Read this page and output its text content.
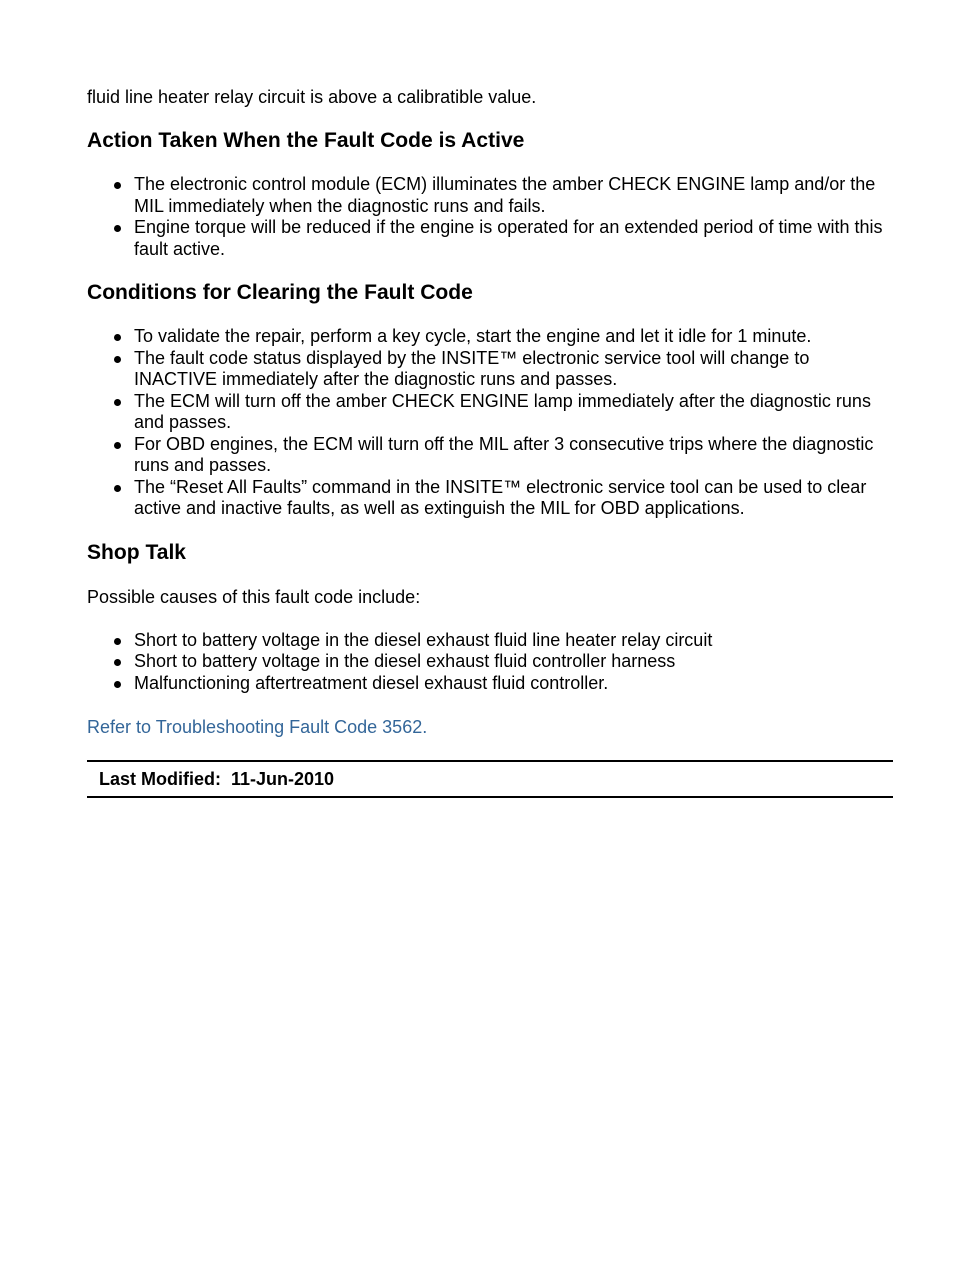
fluid line heater relay circuit is above a calibratible value.

Action Taken When the Fault Code is Active
The electronic control module (ECM) illuminates the amber CHECK ENGINE lamp and/or the MIL immediately when the diagnostic runs and fails.
Engine torque will be reduced if the engine is operated for an extended period of time with this fault active.
Conditions for Clearing the Fault Code
To validate the repair, perform a key cycle, start the engine and let it idle for 1 minute.
The fault code status displayed by the INSITE™ electronic service tool will change to INACTIVE immediately after the diagnostic runs and passes.
The ECM will turn off the amber CHECK ENGINE lamp immediately after the diagnostic runs and passes.
For OBD engines, the ECM will turn off the MIL after 3 consecutive trips where the diagnostic runs and passes.
The “Reset All Faults” command in the INSITE™ electronic service tool can be used to clear active and inactive faults, as well as extinguish the MIL for OBD applications.
Shop Talk

Possible causes of this fault code include:

Short to battery voltage in the diesel exhaust fluid line heater relay circuit
Short to battery voltage in the diesel exhaust fluid controller harness
Malfunctioning aftertreatment diesel exhaust fluid controller.
Refer to Troubleshooting Fault Code 3562.
Last Modified: 11-Jun-2010
